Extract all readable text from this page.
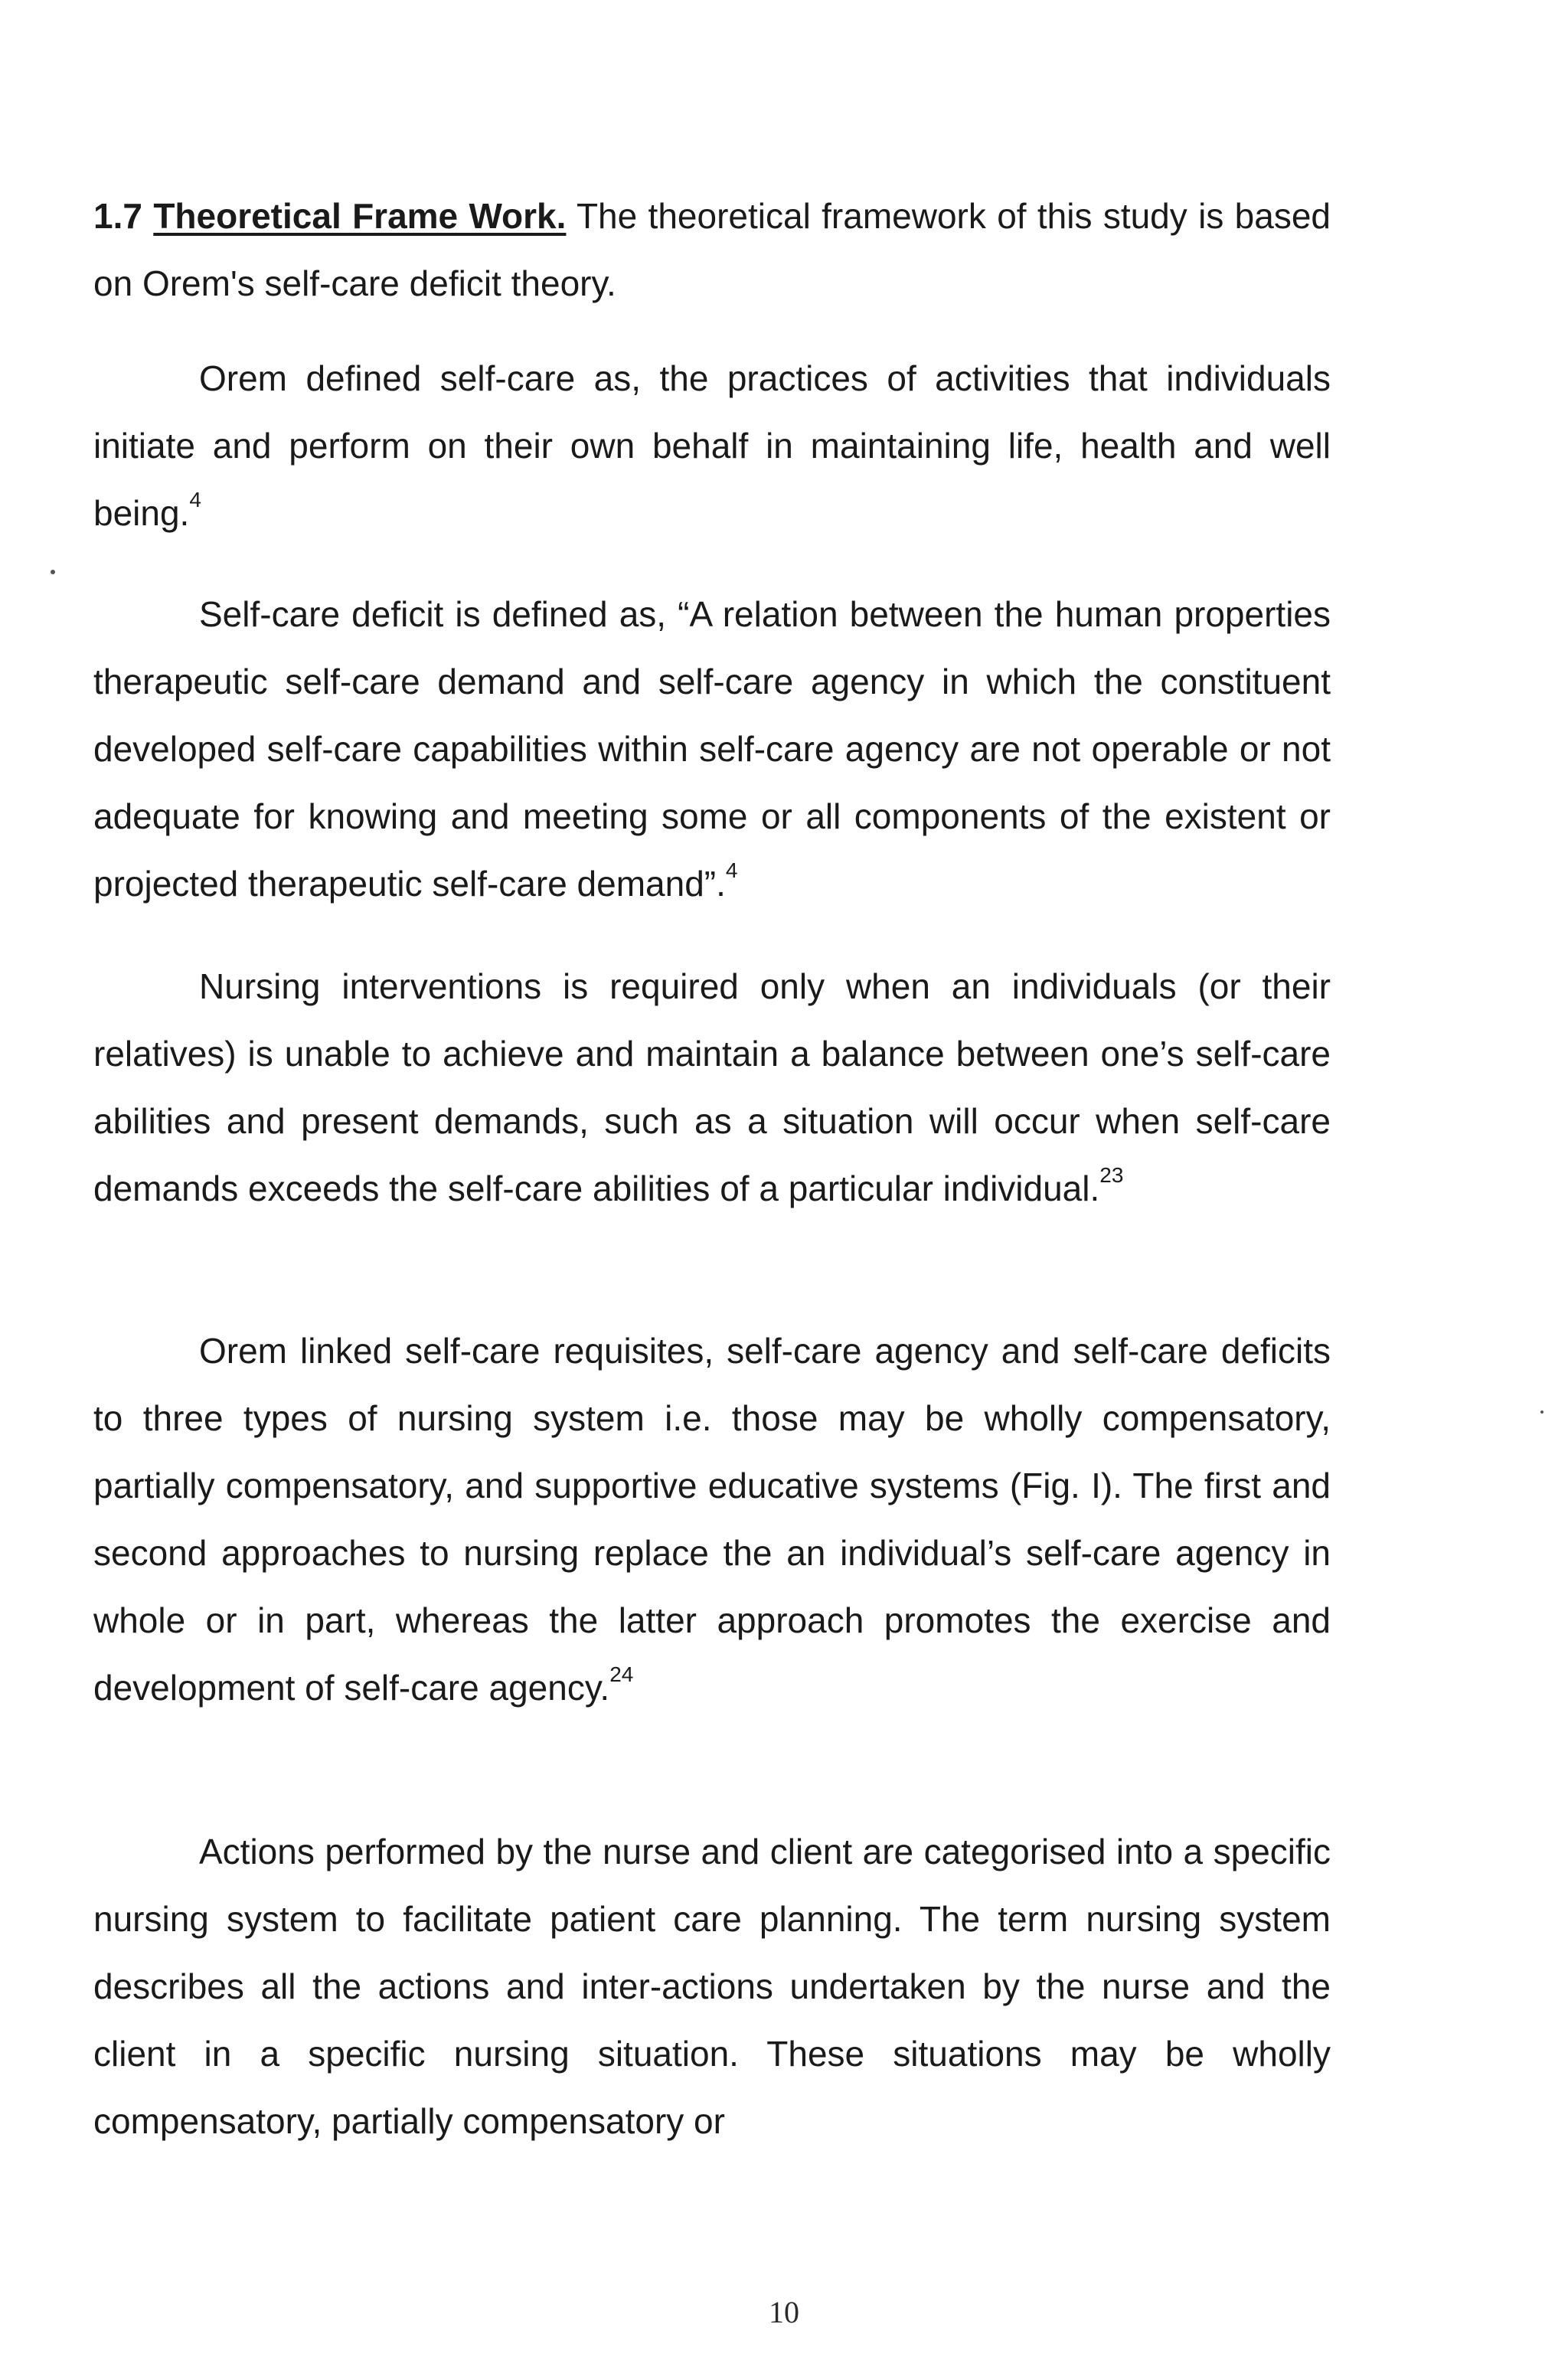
1.7 Theoretical Frame Work. The theoretical framework of this study is based on Orem's self-care deficit theory.

Orem defined self-care as, the practices of activities that individuals initiate and perform on their own behalf in maintaining life, health and well being.$^4$

Self-care deficit is defined as, “A relation between the human properties therapeutic self-care demand and self-care agency in which the constituent developed self-care capabilities within self-care agency are not operable or not adequate for knowing and meeting some or all components of the existent or projected therapeutic self-care demand”.$^4$

Nursing interventions is required only when an individuals (or their relatives) is unable to achieve and maintain a balance between one’s self-care abilities and present demands, such as a situation will occur when self-care demands exceeds the self-care abilities of a particular individual.$^{23}$

Orem linked self-care requisites, self-care agency and self-care deficits to three types of nursing system i.e. those may be wholly compensatory, partially compensatory, and supportive educative systems (Fig. I). The first and second approaches to nursing replace the an individual’s self-care agency in whole or in part, whereas the latter approach promotes the exercise and development of self-care agency.$^{24}$

Actions performed by the nurse and client are categorised into a specific nursing system to facilitate patient care planning. The term nursing system describes all the actions and inter-actions undertaken by the nurse and the client in a specific nursing situation. These situations may be wholly compensatory, partially compensatory or

10
